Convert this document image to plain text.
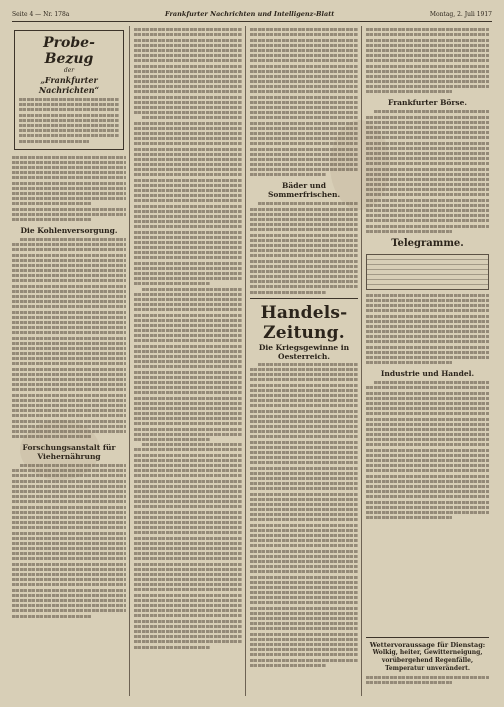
Seite 4 — Nr. 178a	Frankfurter Nachrichten und Intelligenz-Blatt	Montag, 2. Juli 1917
Probe-Bezug
der
„Frankfurter Nachrichten“
Die Kohlenversorgung.
Forschungsanstalt für Viehernährung
Bäder und Sommerfrischen.
Handels-Zeitung.
Die Kriegsgewinne in Oesterreich.
Frankfurter Börse.
Telegramme.
Industrie und Handel.
Wettervoraussage für Dienstag:
Wolkig, heiter, Gewitterneigung, vorübergehend Regenfälle, Temperatur unverändert.
